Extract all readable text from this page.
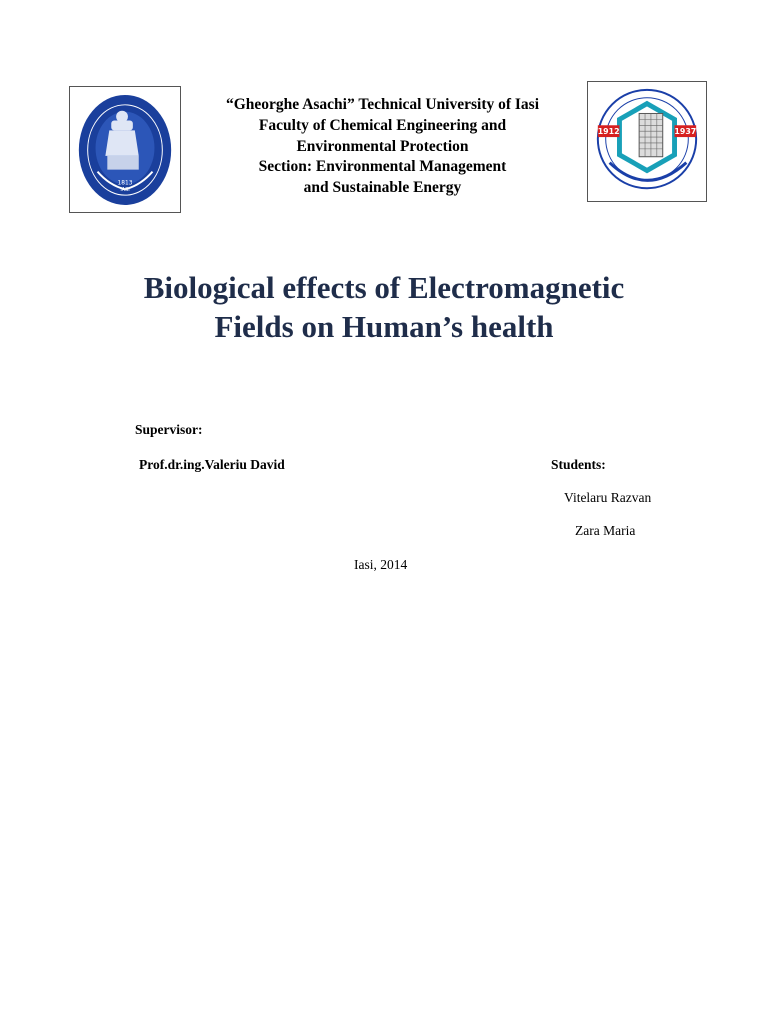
1813
IASI
“Gheorghe Asachi” Technical University of Iasi
Faculty of Chemical Engineering and
Environmental Protection
Section: Environmental Management
and Sustainable Energy
1912	1937
Biological effects of Electromagnetic
Fields on Human’s health
Supervisor:
Prof.dr.ing.Valeriu David	Students:
Vitelaru Razvan
Zara Maria
Iasi, 2014
